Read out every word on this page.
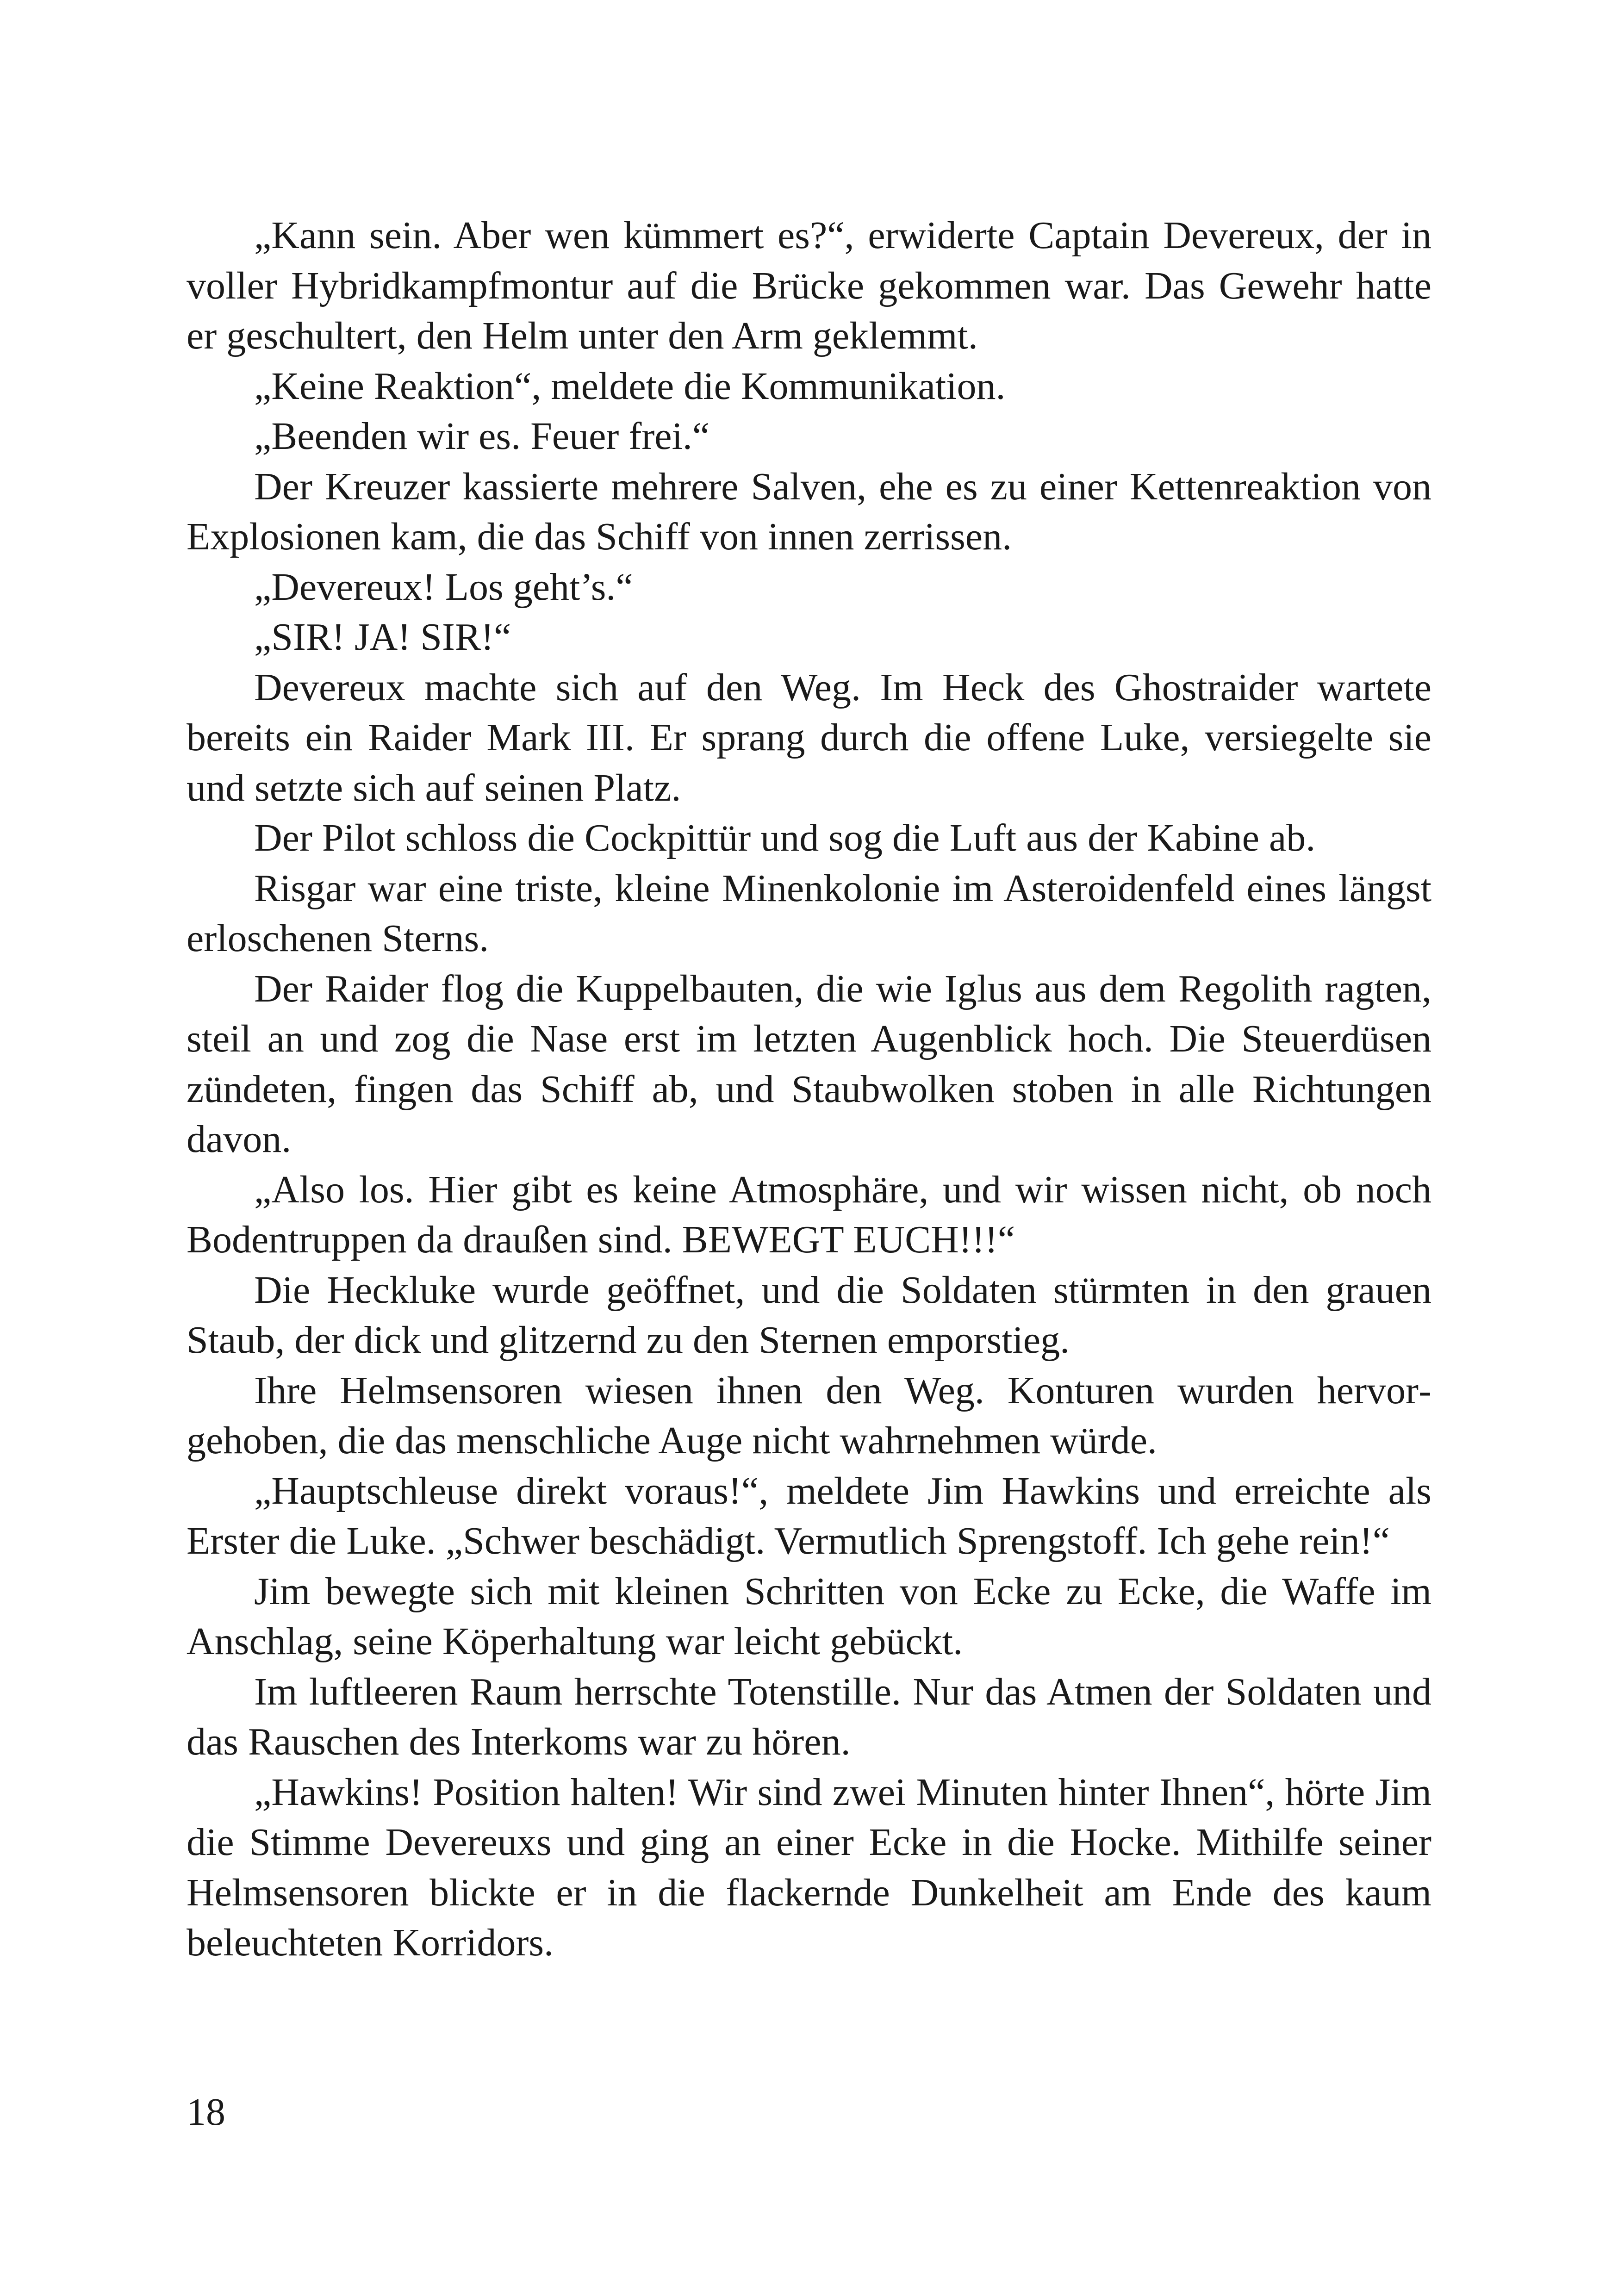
„Kann sein. Aber wen kümmert es?“, erwiderte Captain Devereux, der in voller Hybridkampfmontur auf die Brücke gekommen war. Das Gewehr hatte er geschultert, den Helm unter den Arm geklemmt.

„Keine Reaktion“, meldete die Kommunikation.

„Beenden wir es. Feuer frei.“

Der Kreuzer kassierte mehrere Salven, ehe es zu einer Kettenreaktion von Explosionen kam, die das Schiff von innen zerrissen.

„Devereux! Los geht’s.“

„SIR! JA! SIR!“

Devereux machte sich auf den Weg. Im Heck des Ghostraider wartete bereits ein Raider Mark III. Er sprang durch die offene Luke, versiegelte sie und setzte sich auf seinen Platz.

Der Pilot schloss die Cockpittür und sog die Luft aus der Kabine ab.

Risgar war eine triste, kleine Minenkolonie im Asteroidenfeld eines längst erloschenen Sterns.

Der Raider flog die Kuppelbauten, die wie Iglus aus dem Regolith ragten, steil an und zog die Nase erst im letzten Augenblick hoch. Die Steuerdüsen zündeten, fingen das Schiff ab, und Staubwolken stoben in alle Richtungen davon.

„Also los. Hier gibt es keine Atmosphäre, und wir wissen nicht, ob noch Bodentruppen da draußen sind. BEWEGT EUCH!!!“

Die Heckluke wurde geöffnet, und die Soldaten stürmten in den grauen Staub, der dick und glitzernd zu den Sternen emporstieg.

Ihre Helmsensoren wiesen ihnen den Weg. Konturen wurden hervorgehoben, die das menschliche Auge nicht wahrnehmen würde.

„Hauptschleuse direkt voraus!“, meldete Jim Hawkins und erreichte als Erster die Luke. „Schwer beschädigt. Vermutlich Sprengstoff. Ich gehe rein!“

Jim bewegte sich mit kleinen Schritten von Ecke zu Ecke, die Waffe im Anschlag, seine Köperhaltung war leicht gebückt.

Im luftleeren Raum herrschte Totenstille. Nur das Atmen der Soldaten und das Rauschen des Interkoms war zu hören.

„Hawkins! Position halten! Wir sind zwei Minuten hinter Ihnen“, hörte Jim die Stimme Devereuxs und ging an einer Ecke in die Hocke. Mithilfe seiner Helmsensoren blickte er in die flackernde Dunkelheit am Ende des kaum beleuchteten Korridors.

18
